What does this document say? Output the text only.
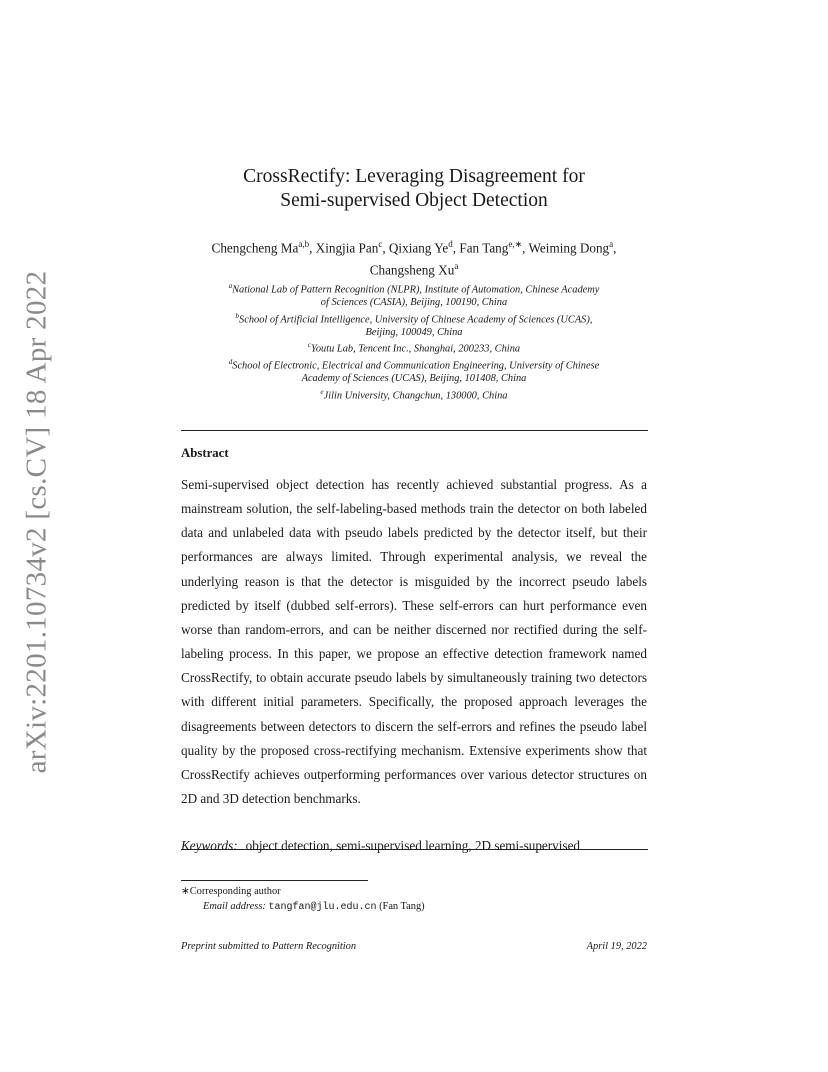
arXiv:2201.10734v2 [cs.CV] 18 Apr 2022
CrossRectify: Leveraging Disagreement for
Semi-supervised Object Detection
Chengcheng Ma$^{a,b}$, Xingjia Pan$^c$, Qixiang Ye$^d$, Fan Tang$^{e,∗}$, Weiming Dong$^a$,
Changsheng Xu$^a$
$^a$National Lab of Pattern Recognition (NLPR), Institute of Automation, Chinese Academy
of Sciences (CASIA), Beijing, 100190, China
$^b$School of Artificial Intelligence, University of Chinese Academy of Sciences (UCAS),
Beijing, 100049, China
$^c$Youtu Lab, Tencent Inc., Shanghai, 200233, China
$^d$School of Electronic, Electrical and Communication Engineering, University of Chinese
Academy of Sciences (UCAS), Beijing, 101408, China
$^e$Jilin University, Changchun, 130000, China
Abstract
Semi-supervised object detection has recently achieved substantial progress. As a mainstream solution, the self-labeling-based methods train the detector on both labeled data and unlabeled data with pseudo labels predicted by the detector itself, but their performances are always limited. Through experimental analysis, we reveal the underlying reason is that the detector is misguided by the incorrect pseudo labels predicted by itself (dubbed self-errors). These self-errors can hurt performance even worse than random-errors, and can be neither discerned nor rectified during the self-labeling process. In this paper, we propose an effective detection framework named CrossRectify, to obtain accurate pseudo labels by simultaneously training two detectors with different initial parameters. Specifically, the proposed approach leverages the disagreements between detectors to discern the self-errors and refines the pseudo label quality by the proposed cross-rectifying mechanism. Extensive experiments show that CrossRectify achieves outperforming performances over various detector structures on 2D and 3D detection benchmarks.
Keywords: object detection, semi-supervised learning, 2D semi-supervised
∗Corresponding author
Email address: tangfan@jlu.edu.cn (Fan Tang)
Preprint submitted to Pattern Recognition	April 19, 2022
